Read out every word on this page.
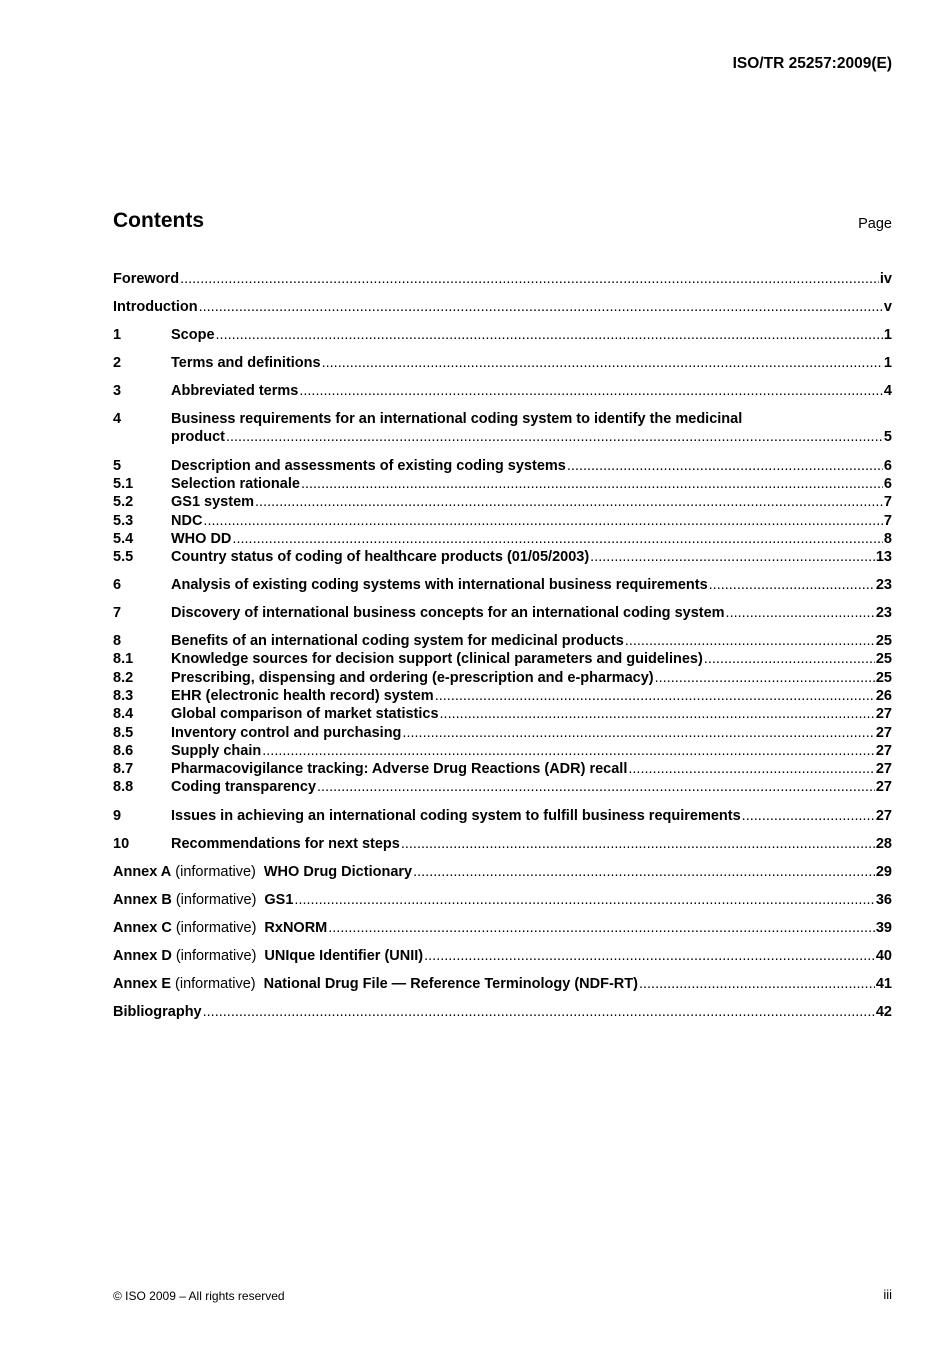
ISO/TR 25257:2009(E)
Contents	Page
Foreword .....	iv
Introduction .....	v
1	Scope .....	1
2	Terms and definitions .....	1
3	Abbreviated terms .....	4
4	Business requirements for an international coding system to identify the medicinal
product .....	5
5	Description and assessments of existing coding systems .....	6
5.1	Selection rationale .....	6
5.2	GS1 system .....	7
5.3	NDC .....	7
5.4	WHO DD .....	8
5.5	Country status of coding of healthcare products (01/05/2003) .....	13
6	Analysis of existing coding systems with international business requirements .....	23
7	Discovery of international business concepts for an international coding system .....	23
8	Benefits of an international coding system for medicinal products .....	25
8.1	Knowledge sources for decision support (clinical parameters and guidelines) .....	25
8.2	Prescribing, dispensing and ordering (e-prescription and e-pharmacy) .....	25
8.3	EHR (electronic health record) system .....	26
8.4	Global comparison of market statistics .....	27
8.5	Inventory control and purchasing .....	27
8.6	Supply chain .....	27
8.7	Pharmacovigilance tracking: Adverse Drug Reactions (ADR) recall .....	27
8.8	Coding transparency .....	27
9	Issues in achieving an international coding system to fulfill business requirements .....	27
10	Recommendations for next steps .....	28
Annex A (informative) WHO Drug Dictionary .....	29
Annex B (informative) GS1 .....	36
Annex C (informative) RxNORM .....	39
Annex D (informative) UNIque Identifier (UNII) .....	40
Annex E (informative) National Drug File — Reference Terminology (NDF-RT) .....	41
Bibliography .....	42
© ISO 2009 – All rights reserved	iii
